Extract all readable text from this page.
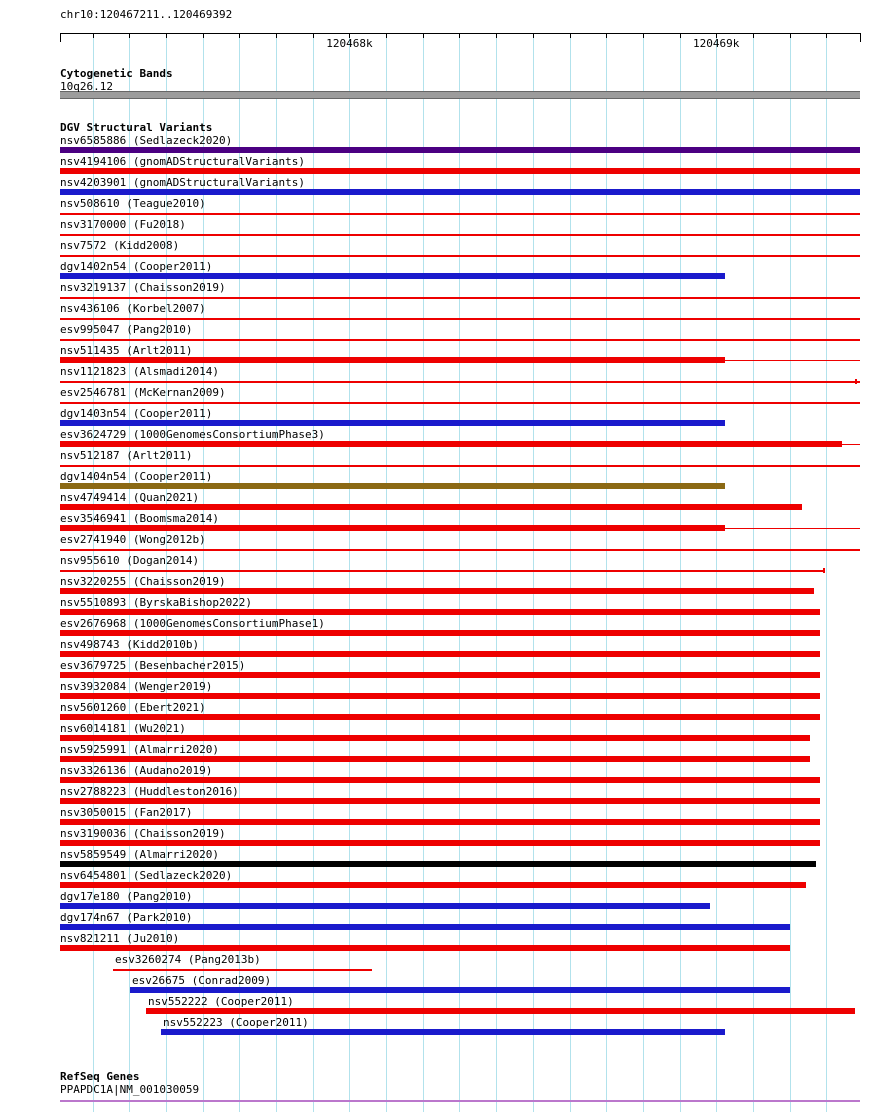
chr10:120467211..120469392
120468k	120469k
Cytogenetic Bands
10q26.12
DGV Structural Variants
nsv6585886 (Sedlazeck2020)
nsv4194106 (gnomADStructuralVariants)
nsv4203901 (gnomADStructuralVariants)
nsv508610 (Teague2010)
nsv3170000 (Fu2018)
nsv7572 (Kidd2008)
dgv1402n54 (Cooper2011)
nsv3219137 (Chaisson2019)
nsv436106 (Korbel2007)
esv995047 (Pang2010)
nsv511435 (Arlt2011)
nsv1121823 (Alsmadi2014)
esv2546781 (McKernan2009)
dgv1403n54 (Cooper2011)
esv3624729 (1000GenomesConsortiumPhase3)
nsv512187 (Arlt2011)
dgv1404n54 (Cooper2011)
nsv4749414 (Quan2021)
esv3546941 (Boomsma2014)
esv2741940 (Wong2012b)
nsv955610 (Dogan2014)
nsv3220255 (Chaisson2019)
nsv5510893 (ByrskaBishop2022)
esv2676968 (1000GenomesConsortiumPhase1)
nsv498743 (Kidd2010b)
esv3679725 (Besenbacher2015)
nsv3932084 (Wenger2019)
nsv5601260 (Ebert2021)
nsv6014181 (Wu2021)
nsv5925991 (Almarri2020)
nsv3326136 (Audano2019)
nsv2788223 (Huddleston2016)
nsv3050015 (Fan2017)
nsv3190036 (Chaisson2019)
nsv5859549 (Almarri2020)
nsv6454801 (Sedlazeck2020)
dgv17e180 (Pang2010)
dgv174n67 (Park2010)
nsv821211 (Ju2010)
esv3260274 (Pang2013b)
esv26675 (Conrad2009)
nsv552222 (Cooper2011)
nsv552223 (Cooper2011)
RefSeq Genes
PPAPDC1A|NM_001030059
